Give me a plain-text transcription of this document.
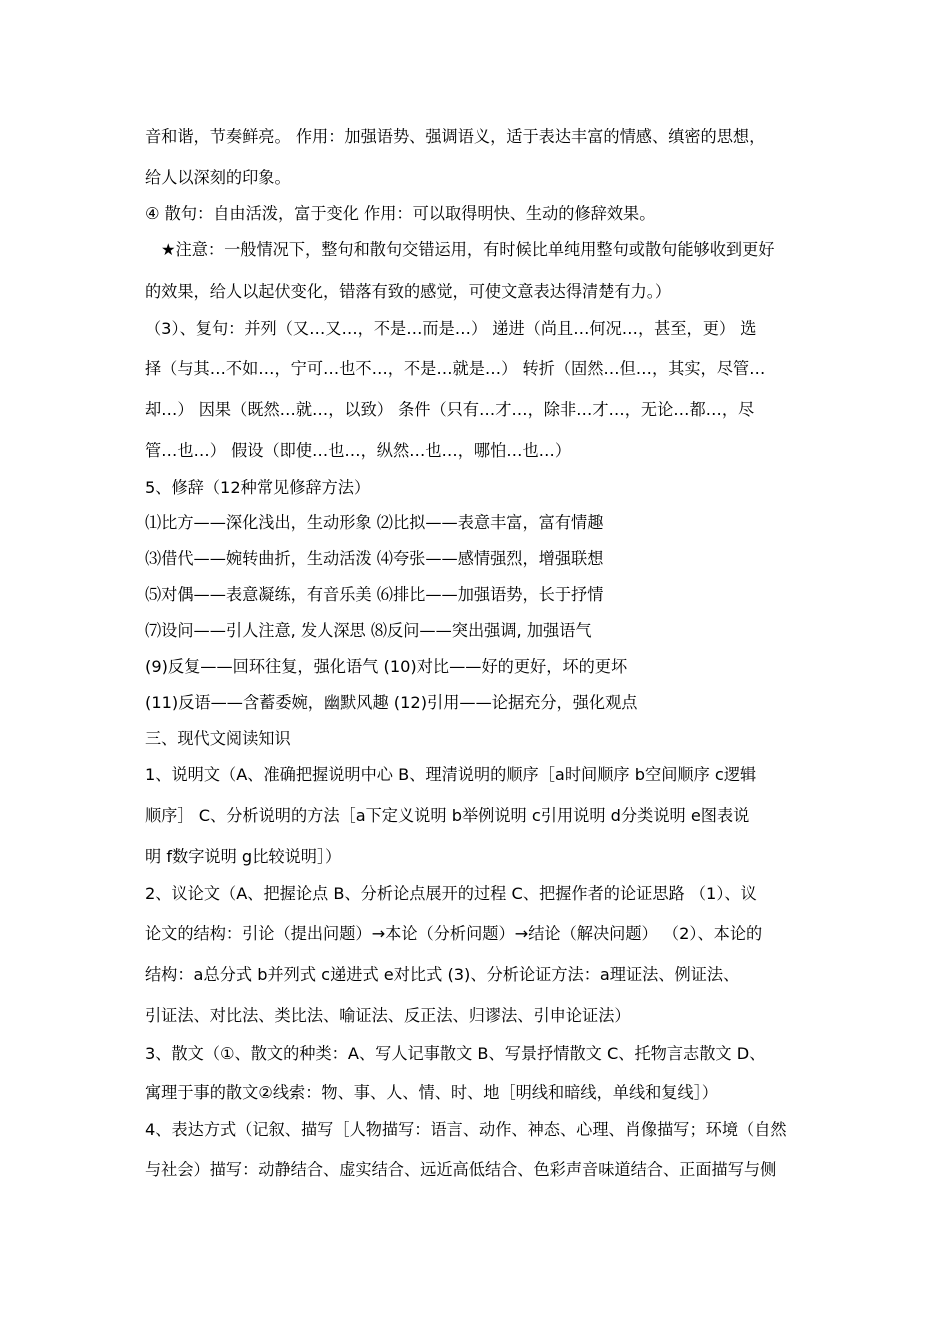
音和谐，节奏鲜亮。 作用：加强语势、强调语义，适于表达丰富的情感、缜密的思想，
给人以深刻的印象。
④ 散句：自由活泼，富于变化 作用：可以取得明快、生动的修辞效果。
★注意：一般情况下，整句和散句交错运用，有时候比单纯用整句或散句能够收到更好
的效果，给人以起伏变化，错落有致的感觉，可使文意表达得清楚有力。）
（3）、复句：并列（又…又…，不是…而是…） 递进（尚且…何况…，甚至，更） 选
择（与其…不如…，宁可…也不…，不是…就是…） 转折（固然…但…，其实，尽管…
却…） 因果（既然…就…，以致） 条件（只有…才…，除非…才…，无论…都…，尽
管…也…） 假设（即使…也…，纵然…也…，哪怕…也…）
5、修辞（12种常见修辞方法）
⑴比方——深化浅出，生动形象 ⑵比拟——表意丰富，富有情趣
⑶借代——婉转曲折，生动活泼 ⑷夸张——感情强烈，增强联想
⑸对偶——表意凝练，有音乐美 ⑹排比——加强语势，长于抒情
⑺设问——引人注意, 发人深思 ⑻反问——突出强调, 加强语气
(9)反复——回环往复，强化语气 (10)对比——好的更好，坏的更坏
(11)反语——含蓄委婉，幽默风趣 (12)引用——论据充分，强化观点
三、现代文阅读知识
1、说明文（A、准确把握说明中心 B、理清说明的顺序［a时间顺序 b空间顺序 c逻辑
顺序］ C、分析说明的方法［a下定义说明 b举例说明 c引用说明 d分类说明 e图表说
明 f数字说明 g比较说明］）
2、议论文（A、把握论点 B、分析论点展开的过程 C、把握作者的论证思路 （1）、议
论文的结构：引论（提出问题）→本论（分析问题）→结论（解决问题） （2）、本论的
结构：a总分式 b并列式 c递进式 e对比式 (3)、分析论证方法：a理证法、例证法、
引证法、对比法、类比法、喻证法、反正法、归谬法、引申论证法）
3、散文（①、散文的种类：A、写人记事散文 B、写景抒情散文 C、托物言志散文 D、
寓理于事的散文②线索：物、事、人、情、时、地［明线和暗线，单线和复线］）
4、表达方式（记叙、描写［人物描写：语言、动作、神态、心理、肖像描写；环境（自然
与社会）描写：动静结合、虚实结合、远近高低结合、色彩声音味道结合、正面描写与侧
